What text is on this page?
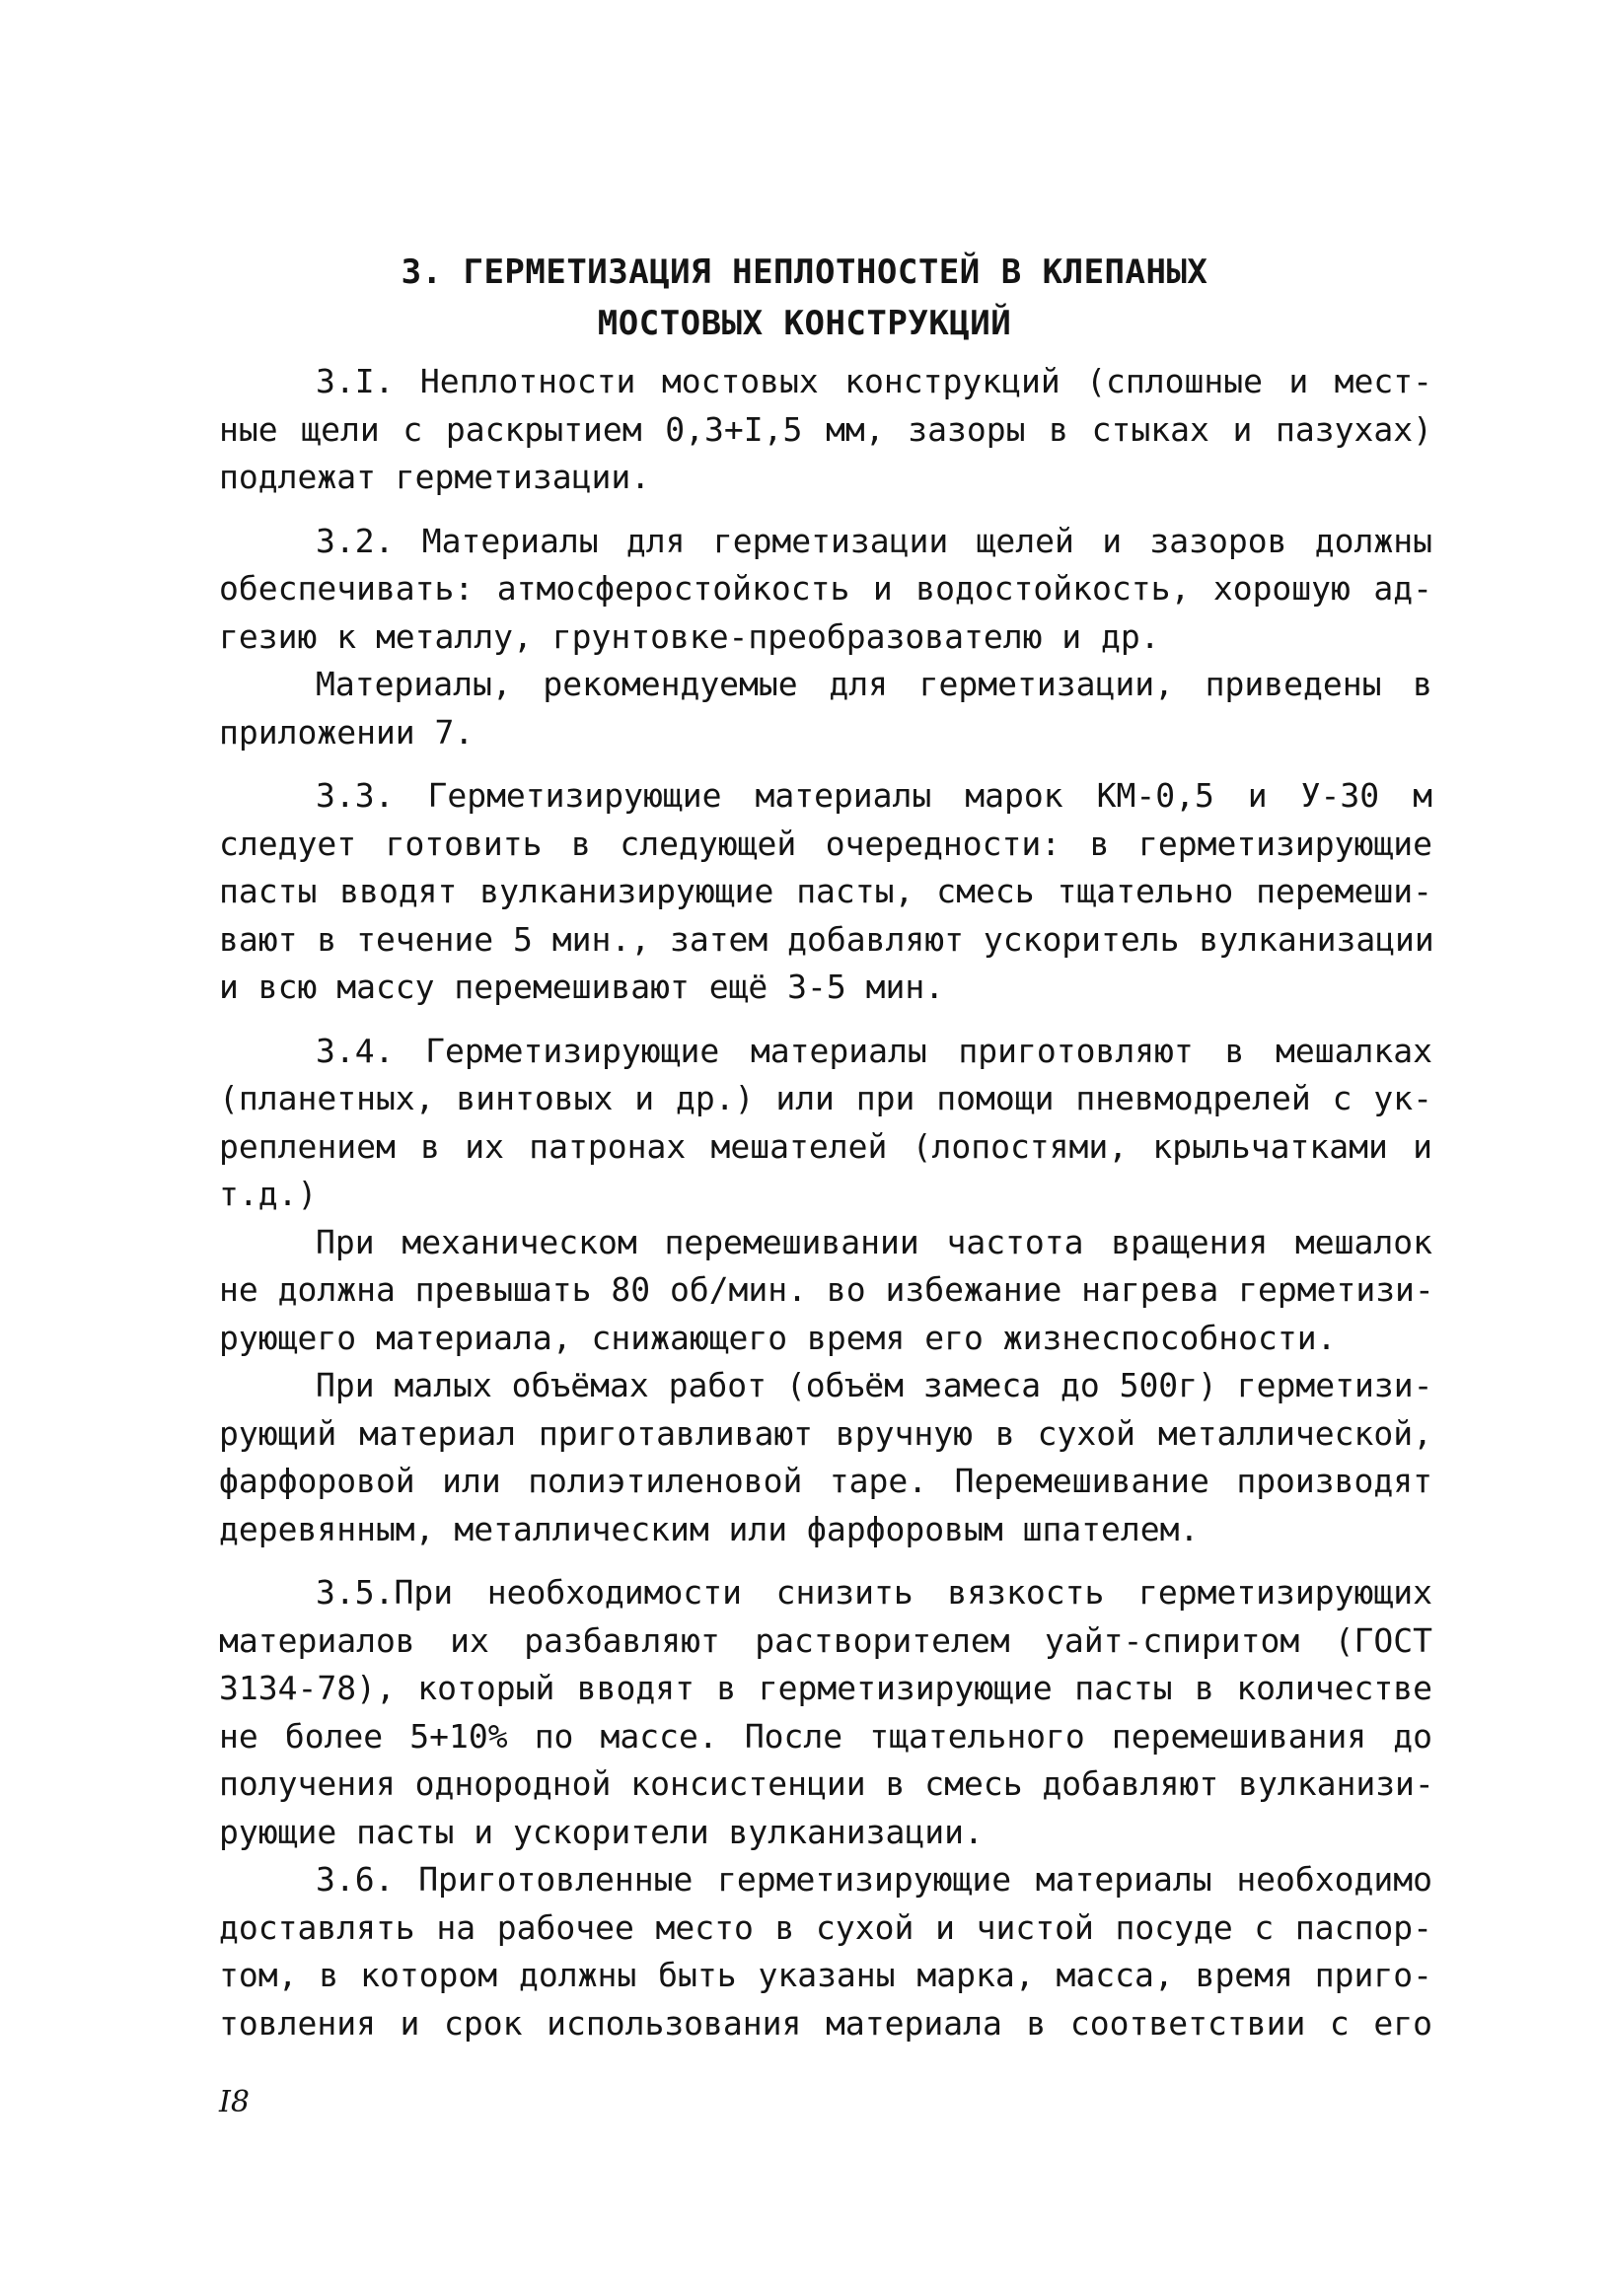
3. ГЕРМЕТИЗАЦИЯ НЕПЛОТНОСТЕЙ В КЛЕПАНЫХ
МОСТОВЫХ КОНСТРУКЦИЙ
3.I. Неплотности мостовых конструкций (сплошные и мест-
ные щели с раскрытием 0,3+I,5 мм, зазоры в стыках и пазухах)
подлежат герметизации.
3.2. Материалы для герметизации щелей и зазоров должны
обеспечивать: атмосферостойкость и водостойкость, хорошую ад-
гезию к металлу, грунтовке-преобразователю и др.
Материалы, рекомендуемые для герметизации, приведены в
приложении 7.
3.3. Герметизирующие материалы марок КМ-0,5 и У-30 м
следует готовить в следующей очередности: в герметизирующие
пасты вводят вулканизирующие пасты, смесь тщательно перемеши-
вают в течение 5 мин., затем добавляют ускоритель вулканизации
и всю массу перемешивают ещё 3-5 мин.
3.4. Герметизирующие материалы приготовляют в мешалках
(планетных, винтовых и др.) или при помощи пневмодрелей с ук-
реплением в их патронах мешателей (лопостями, крыльчатками и
т.д.)
При механическом перемешивании частота вращения мешалок
не должна превышать 80 об/мин. во избежание нагрева герметизи-
рующего материала, снижающего время его жизнеспособности.
При малых объёмах работ (объём замеса до 500г) герметизи-
рующий материал приготавливают вручную в сухой металлической,
фарфоровой или полиэтиленовой таре. Перемешивание производят
деревянным, металлическим или фарфоровым шпателем.
3.5.При необходимости снизить вязкость герметизирующих
материалов их разбавляют растворителем уайт-спиритом (ГОСТ
3134-78), который вводят в герметизирующие пасты в количестве
не более 5+10% по массе. После тщательного перемешивания до
получения однородной консистенции в смесь добавляют вулканизи-
рующие пасты и ускорители вулканизации.
3.6. Приготовленные герметизирующие материалы необходимо
доставлять на рабочее место в сухой и чистой посуде с паспор-
том, в котором должны быть указаны марка, масса, время приго-
товления и срок использования материала в соответствии с его
I8
